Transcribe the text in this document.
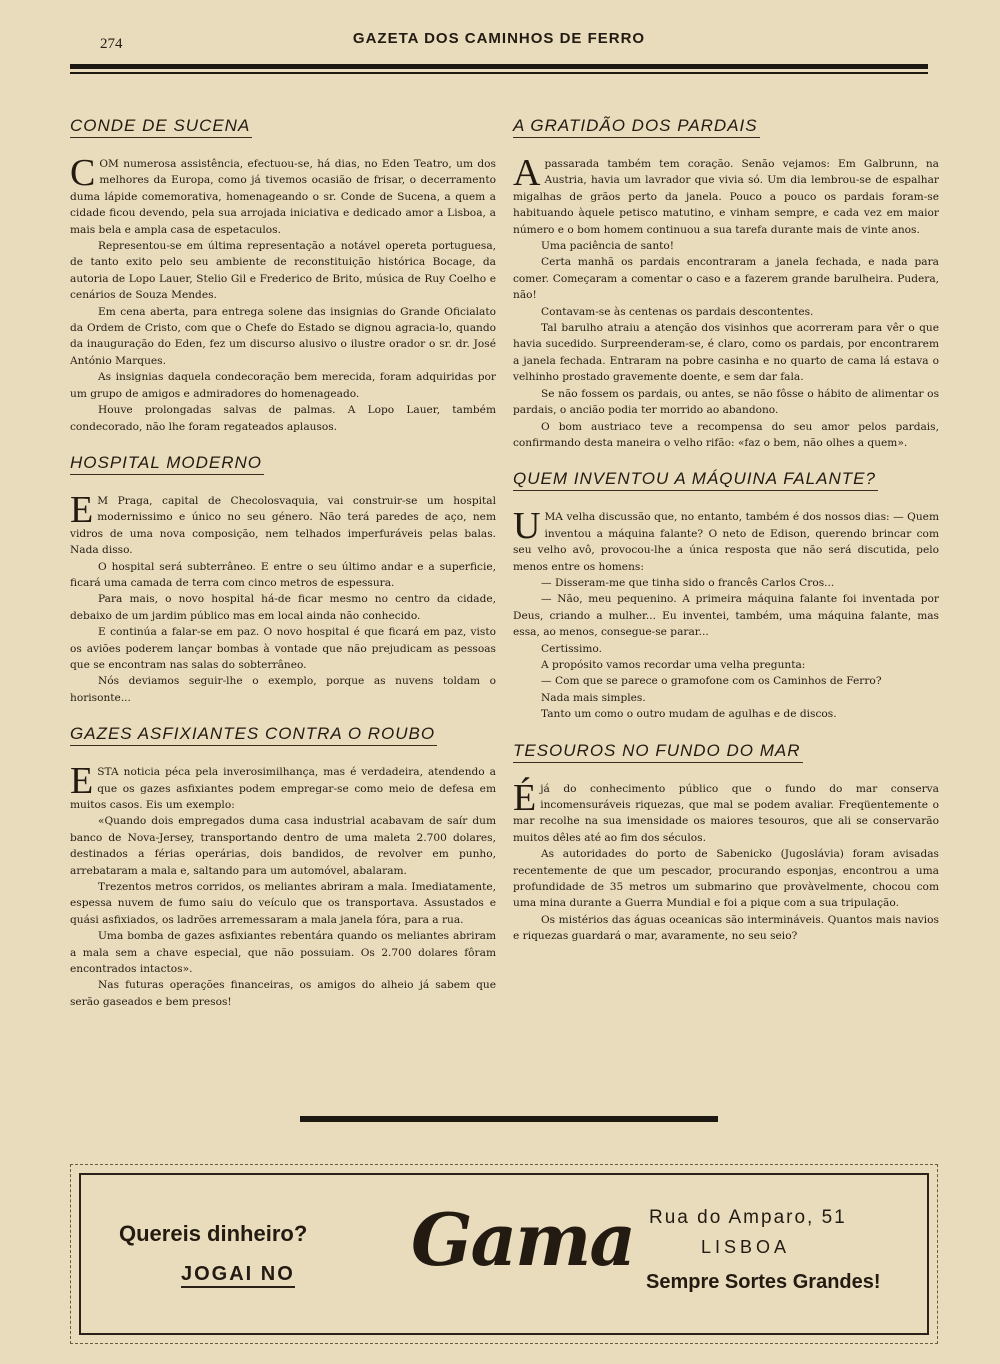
274	GAZETA DOS CAMINHOS DE FERRO
CONDE DE SUCENA

COM numerosa assistência, efectuou-se, há dias, no Eden Teatro, um dos melhores da Europa, como já tivemos ocasião de frisar, o decerramento duma lápide comemorativa, homenageando o sr. Conde de Sucena, a quem a cidade ficou devendo, pela sua arrojada iniciativa e dedicado amor a Lisboa, a mais bela e ampla casa de espetaculos.

Representou-se em última representação a notável opereta portuguesa, de tanto exito pelo seu ambiente de reconstituição histórica Bocage, da autoria de Lopo Lauer, Stelio Gil e Frederico de Brito, música de Ruy Coelho e cenários de Souza Mendes.

Em cena aberta, para entrega solene das insignias do Grande Oficialato da Ordem de Cristo, com que o Chefe do Estado se dignou agracia-lo, quando da inauguração do Eden, fez um discurso alusivo o ilustre orador o sr. dr. José António Marques.

As insignias daquela condecoração bem merecida, foram adquiridas por um grupo de amigos e admiradores do homenageado.

Houve prolongadas salvas de palmas. A Lopo Lauer, também condecorado, não lhe foram regateados aplausos.

HOSPITAL MODERNO

E M Praga, capital de Checolosvaquia, vai construir-se um hospital modernissimo e único no seu género. Não terá paredes de aço, nem vidros de uma nova composição, nem telhados imperfuráveis pelas balas. Nada disso.

O hospital será subterrâneo. E entre o seu último andar e a superficie, ficará uma camada de terra com cinco metros de espessura.

Para mais, o novo hospital há-de ficar mesmo no centro da cidade, debaixo de um jardim público mas em local ainda não conhecido.

E continúa a falar-se em paz. O novo hospital é que ficará em paz, visto os aviões poderem lançar bombas à vontade que não prejudicam as pessoas que se encontram nas salas do sobterrâneo.

Nós deviamos seguir-lhe o exemplo, porque as nuvens toldam o horisonte...

GAZES ASFIXIANTES CONTRA O ROUBO

ESTA noticia péca pela inverosimilhança, mas é verdadeira, atendendo a que os gazes asfixiantes podem empregar-se como meio de defesa em muitos casos. Eis um exemplo:

«Quando dois empregados duma casa industrial acabavam de saír dum banco de Nova-Jersey, transportando dentro de uma maleta 2.700 dolares, destinados a férias operárias, dois bandidos, de revolver em punho, arrebataram a mala e, saltando para um automóvel, abalaram.

Trezentos metros corridos, os meliantes abriram a mala. Imediatamente, espessa nuvem de fumo saiu do veículo que os transportava. Assustados e quási asfixiados, os ladrões arremessaram a mala janela fóra, para a rua.

Uma bomba de gazes asfixiantes rebentára quando os meliantes abriram a mala sem a chave especial, que não possuiam. Os 2.700 dolares fôram encontrados intactos».

Nas futuras operações financeiras, os amigos do alheio já sabem que serão gaseados e bem presos!

A GRATIDÃO DOS PARDAIS

Apassarada também tem coração. Senão vejamos: Em Galbrunn, na Austria, havia um lavrador que vivia só. Um dia lembrou-se de espalhar migalhas de grãos perto da janela. Pouco a pouco os pardais foram-se habituando àquele petisco matutino, e vinham sempre, e cada vez em maior número e o bom homem continuou a sua tarefa durante mais de vinte anos.

Uma paciência de santo!

Certa manhã os pardais encontraram a janela fechada, e nada para comer. Começaram a comentar o caso e a fazerem grande barulheira. Pudera, não!

Contavam-se às centenas os pardais descontentes.

Tal barulho atraiu a atenção dos visinhos que acorreram para vêr o que havia sucedido. Surpreenderam-se, é claro, como os pardais, por encontrarem a janela fechada. Entraram na pobre casinha e no quarto de cama lá estava o velhinho prostado gravemente doente, e sem dar fala.

Se não fossem os pardais, ou antes, se não fôsse o hábito de alimentar os pardais, o ancião podia ter morrido ao abandono.

O bom austriaco teve a recompensa do seu amor pelos pardais, confirmando desta maneira o velho rifão: «faz o bem, não olhes a quem».

QUEM INVENTOU A MÁQUINA FALANTE?

UMA velha discussão que, no entanto, também é dos nossos dias: — Quem inventou a máquina falante? O neto de Edison, querendo brincar com seu velho avô, provocou-lhe a única resposta que não será discutida, pelo menos entre os homens:

— Disseram-me que tinha sido o francês Carlos Cros...

— Não, meu pequenino. A primeira máquina falante foi inventada por Deus, criando a mulher... Eu inventei, também, uma máquina falante, mas essa, ao menos, consegue-se parar...

Certissimo.

A propósito vamos recordar uma velha pregunta:

— Com que se parece o gramofone com os Caminhos de Ferro?

Nada mais simples.

Tanto um como o outro mudam de agulhas e de discos.

TESOUROS NO FUNDO DO MAR

Éjá do conhecimento público que o fundo do mar conserva incomensuráveis riquezas, que mal se podem avaliar. Freqüentemente o mar recolhe na sua imensidade os maiores tesouros, que ali se conservarão muitos dêles até ao fim dos séculos.

As autoridades do porto de Sabenicko (Jugoslávia) foram avisadas recentemente de que um pescador, procurando esponjas, encontrou a uma profundidade de 35 metros um submarino que provàvelmente, chocou com uma mina durante a Guerra Mundial e foi a pique com a sua tripulação.

Os mistérios das águas oceanicas são intermináveis. Quantos mais navios e riquezas guardará o mar, avaramente, no seu seio?

Quereis dinheiro?
JOGAI NO Gama Rua do Amparo, 51
LISBOA
Sempre Sortes Grandes!
